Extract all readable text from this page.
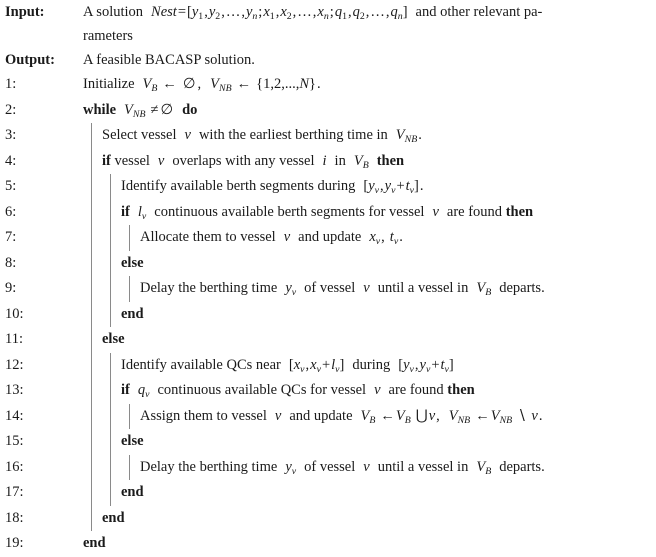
Input:	A solution $Nest=[y_1,y_2,\dots,y_n;x_1,x_2,\dots,x_n;q_1,q_2,\dots,q_n]$ and other relevant pa-
rameters
Output:	A feasible BACASP solution.
1:	Initialize $V_B$ ← ∅ , $V_{NB}$ ← {1,2,...,N}.
2:	while $V_{NB}$ ≠ ∅ do
3:	Select vessel v with the earliest berthing time in $V_{NB}$.
4:	if vessel v overlaps with any vessel i in $V_B$ then
5:	Identify available berth segments during $[y_v,y_v+t_v]$.
6:	if $l_v$ continuous available berth segments for vessel v are found then
7:	Allocate them to vessel v and update $x_v$, $t_v$.
8:	else
9:	Delay the berthing time $y_v$ of vessel v until a vessel in $V_B$ departs.
10:	end
11:	else
12:	Identify available QCs near $[x_v,x_v+l_v]$ during $[y_v,y_v+t_v]$
13:	if $q_v$ continuous available QCs for vessel v are found then
14:	Assign them to vessel v and update $V_B$ $\leftarrow V_B$ ⋃v, $V_{NB}$ $\leftarrow V_{NB}$ ∖ v.
15:	else
16:	Delay the berthing time $y_v$ of vessel v until a vessel in $V_B$ departs.
17:	end
18:	end
19:	end
